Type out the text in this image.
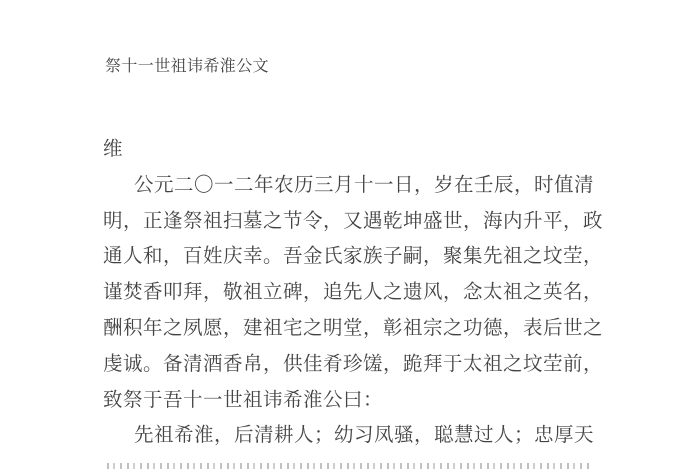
祭十一世祖讳希淮公文
维
公元二〇一二年农历三月十一日，岁在壬辰，时值清
明，正逢祭祖扫墓之节令，又遇乾坤盛世，海内升平，政
通人和，百姓庆幸。吾金氏家族子嗣，聚集先祖之坟茔，
谨焚香叩拜，敬祖立碑，追先人之遗风，念太祖之英名，
酬积年之夙愿，建祖宅之明堂，彰祖宗之功德，表后世之
虔诚。备清酒香帛，供佳肴珍馐，跪拜于太祖之坟茔前，
致祭于吾十一世祖讳希淮公曰：
先祖希淮，后清耕人；幼习凤骚，聪慧过人；忠厚天
